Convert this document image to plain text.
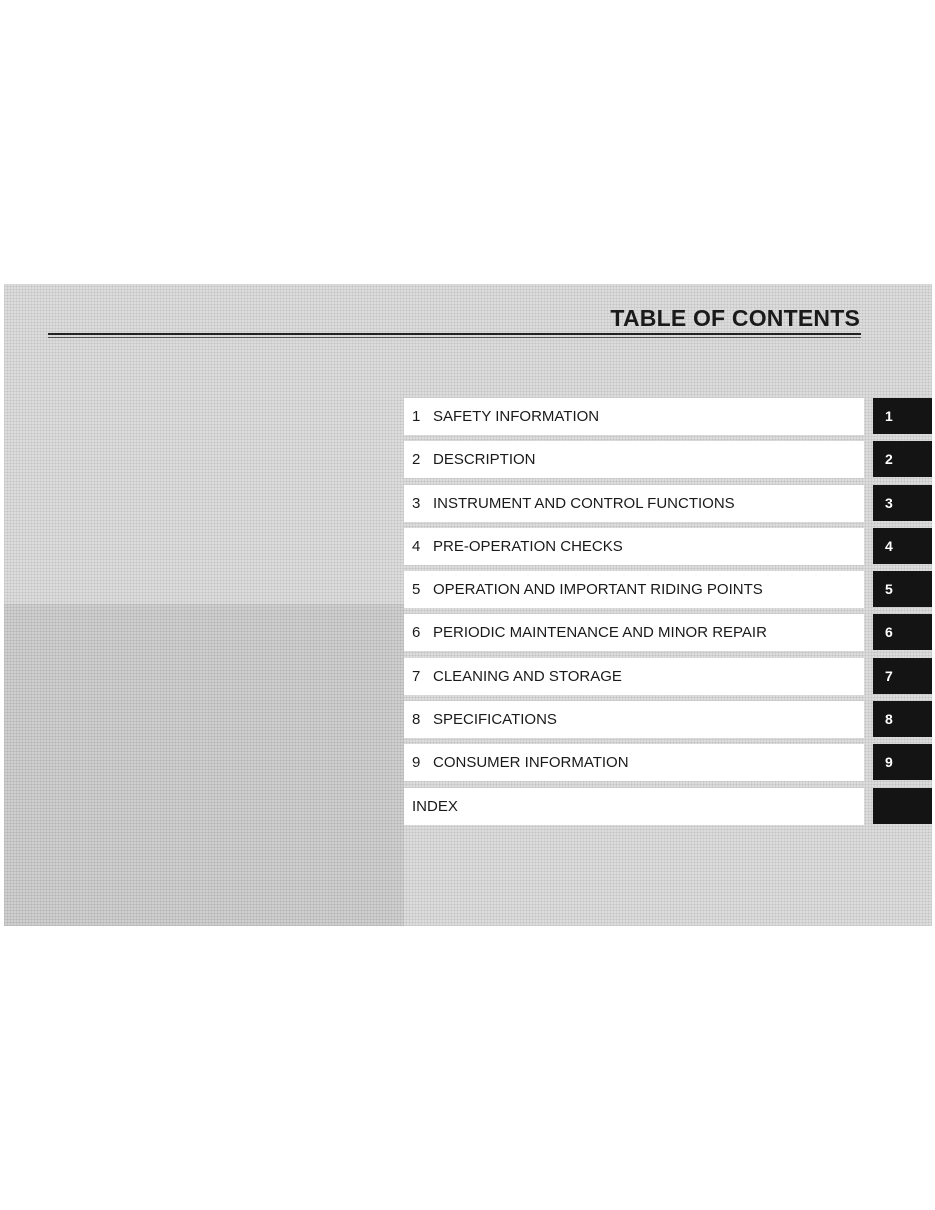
TABLE OF CONTENTS
1 SAFETY INFORMATION	1
2 DESCRIPTION	2
3 INSTRUMENT AND CONTROL FUNCTIONS	3
4 PRE-OPERATION CHECKS	4
5 OPERATION AND IMPORTANT RIDING POINTS	5
6 PERIODIC MAINTENANCE AND MINOR REPAIR	6
7 CLEANING AND STORAGE	7
8 SPECIFICATIONS	8
9 CONSUMER INFORMATION	9
INDEX
